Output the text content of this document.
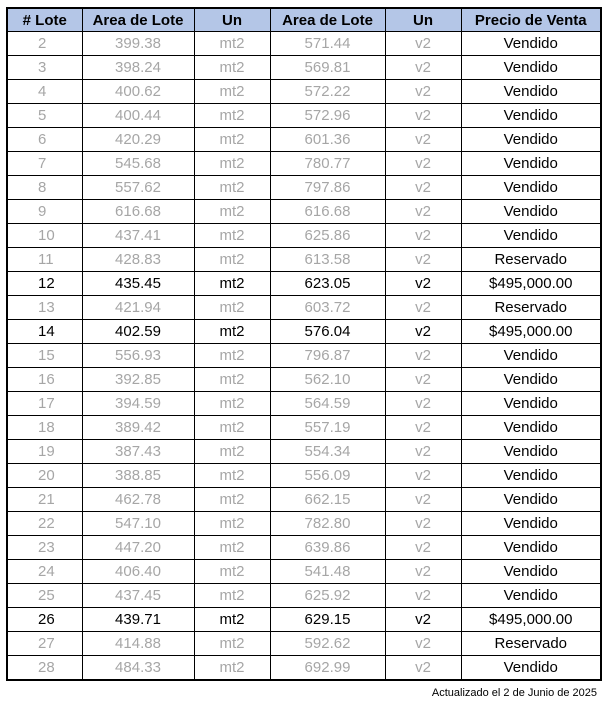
# Lote	Area de Lote	Un	Area de Lote	Un	Precio de Venta
2	399.38	mt2	571.44	v2	Vendido
3	398.24	mt2	569.81	v2	Vendido
4	400.62	mt2	572.22	v2	Vendido
5	400.44	mt2	572.96	v2	Vendido
6	420.29	mt2	601.36	v2	Vendido
7	545.68	mt2	780.77	v2	Vendido
8	557.62	mt2	797.86	v2	Vendido
9	616.68	mt2	616.68	v2	Vendido
10	437.41	mt2	625.86	v2	Vendido
11	428.83	mt2	613.58	v2	Reservado
12	435.45	mt2	623.05	v2	$495,000.00
13	421.94	mt2	603.72	v2	Reservado
14	402.59	mt2	576.04	v2	$495,000.00
15	556.93	mt2	796.87	v2	Vendido
16	392.85	mt2	562.10	v2	Vendido
17	394.59	mt2	564.59	v2	Vendido
18	389.42	mt2	557.19	v2	Vendido
19	387.43	mt2	554.34	v2	Vendido
20	388.85	mt2	556.09	v2	Vendido
21	462.78	mt2	662.15	v2	Vendido
22	547.10	mt2	782.80	v2	Vendido
23	447.20	mt2	639.86	v2	Vendido
24	406.40	mt2	541.48	v2	Vendido
25	437.45	mt2	625.92	v2	Vendido
26	439.71	mt2	629.15	v2	$495,000.00
27	414.88	mt2	592.62	v2	Reservado
28	484.33	mt2	692.99	v2	Vendido
Actualizado el 2 de Junio de 2025
